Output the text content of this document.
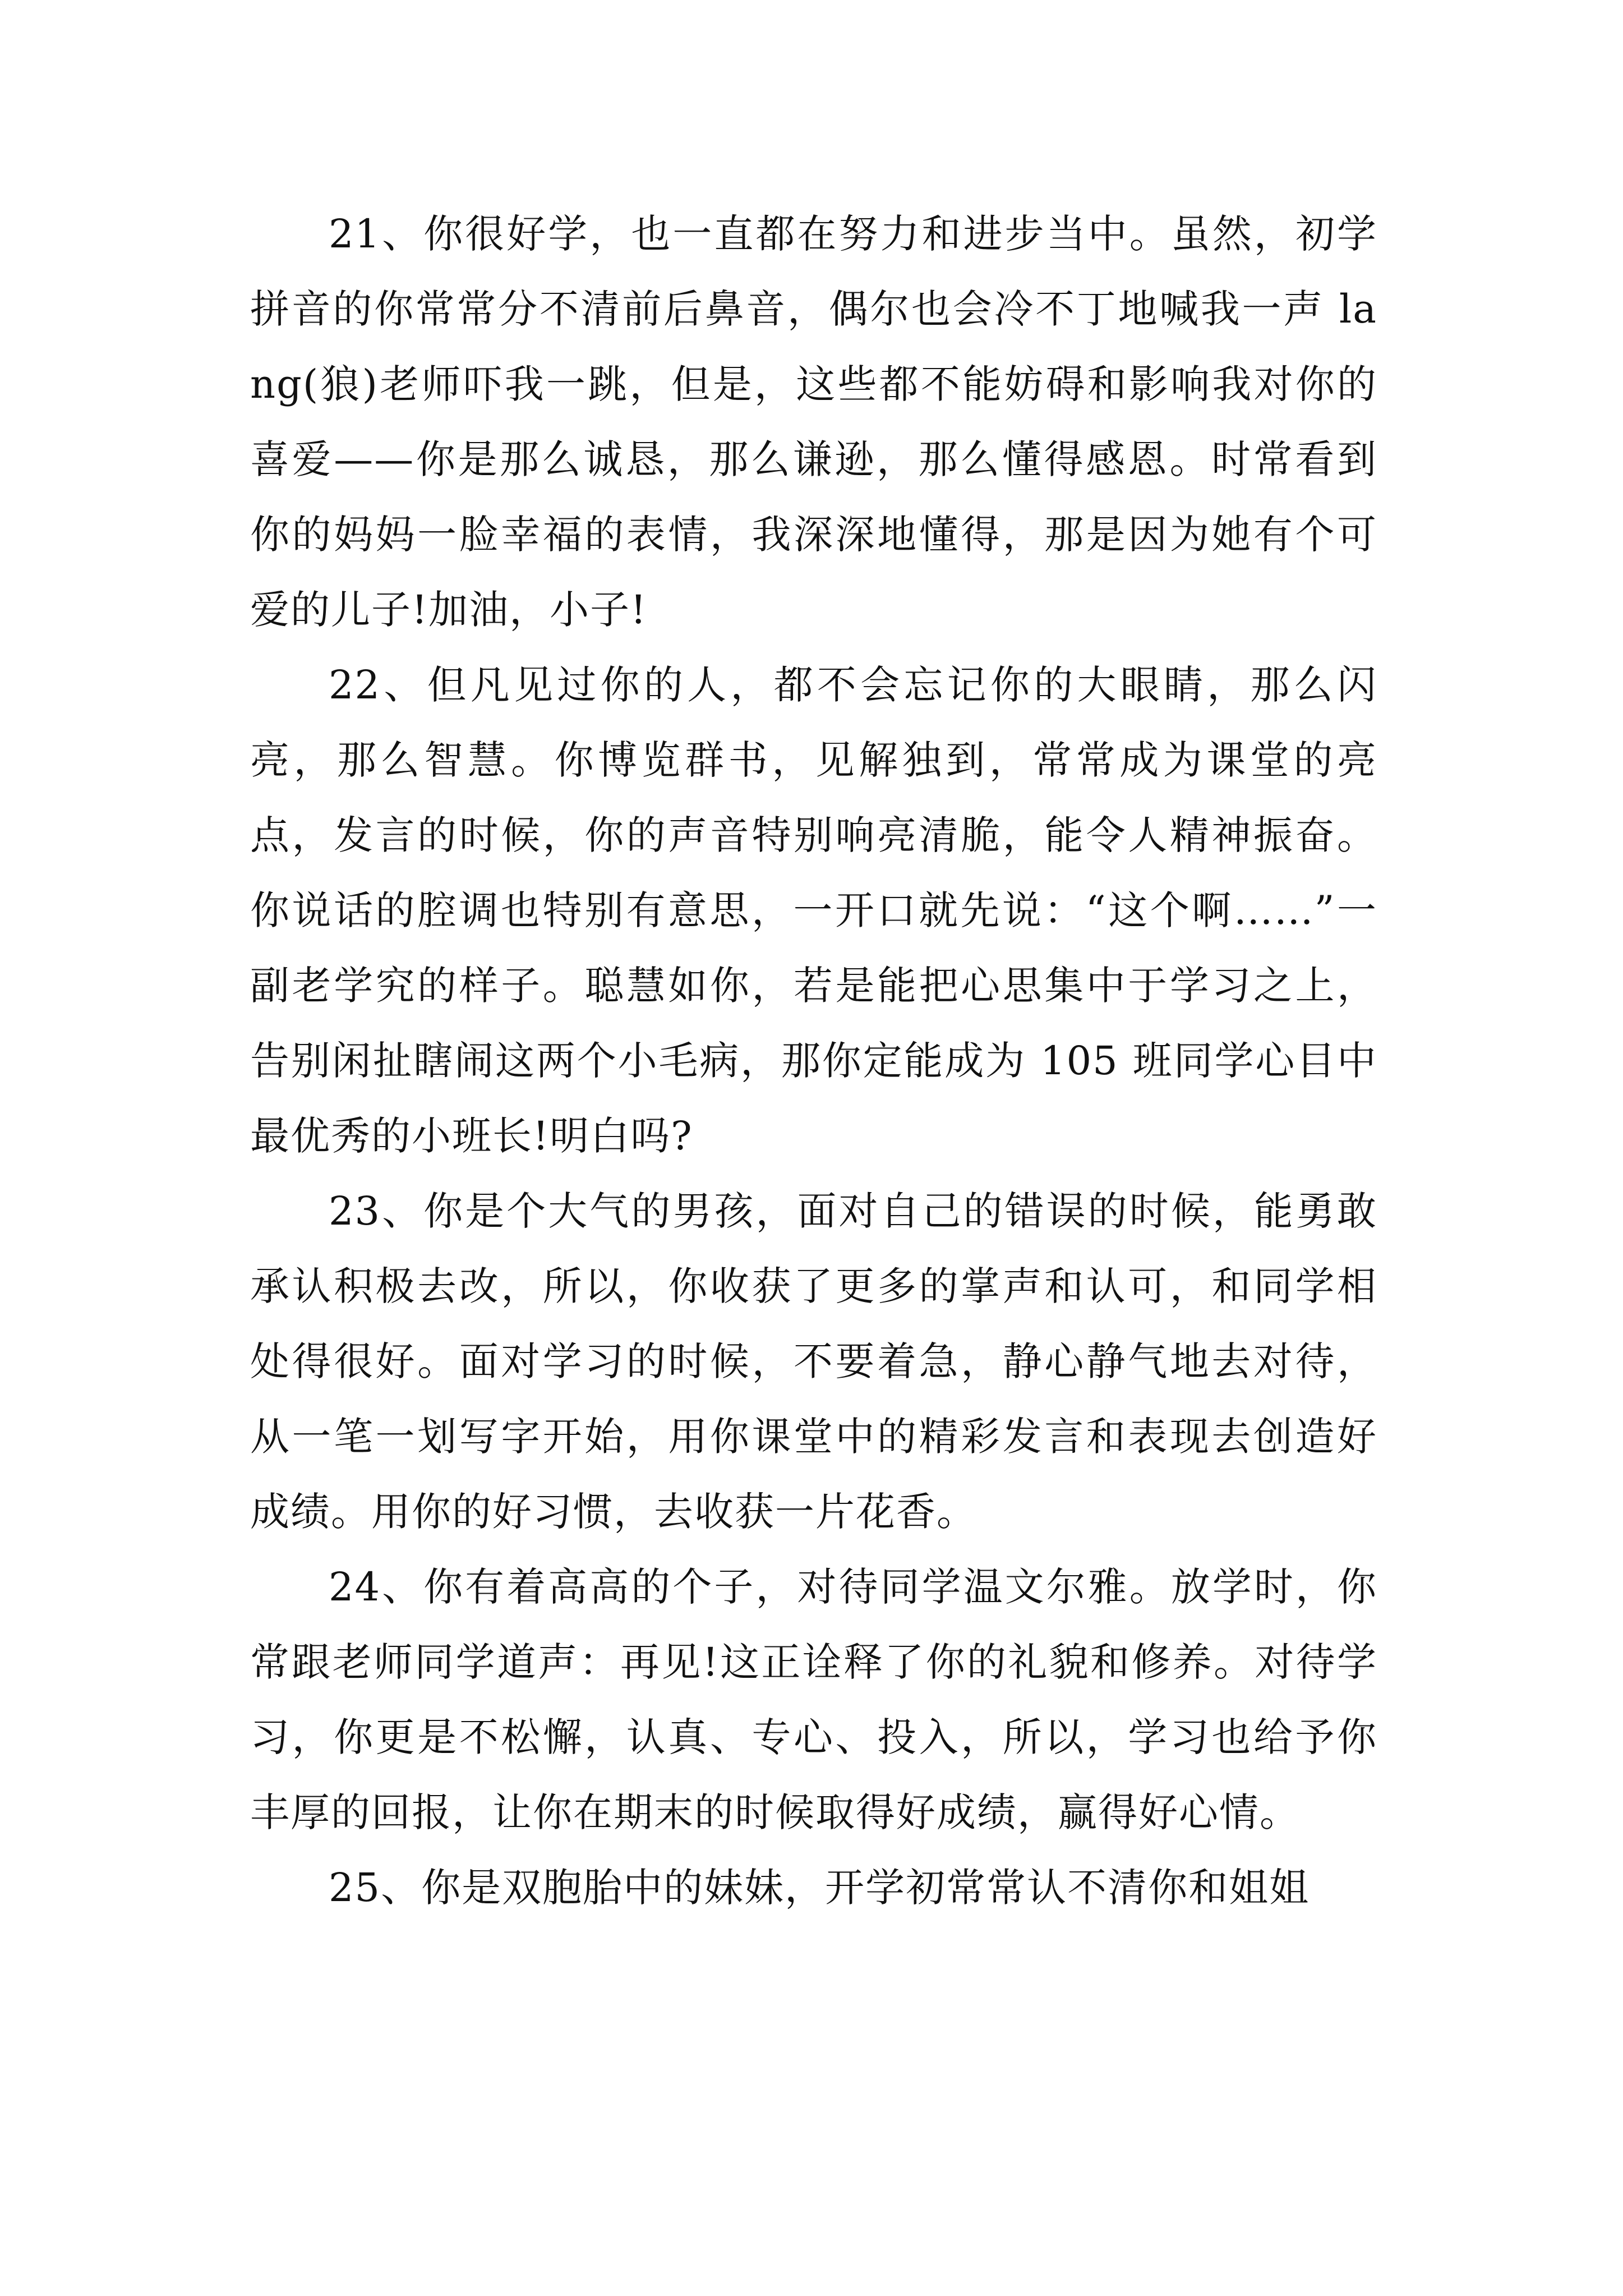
21、你很好学，也一直都在努力和进步当中。虽然，初学拼音的你常常分不清前后鼻音，偶尔也会冷不丁地喊我一声 lang(狼)老师吓我一跳，但是，这些都不能妨碍和影响我对你的喜爱——你是那么诚恳，那么谦逊，那么懂得感恩。时常看到你的妈妈一脸幸福的表情，我深深地懂得，那是因为她有个可爱的儿子!加油，小子!

22、但凡见过你的人，都不会忘记你的大眼睛，那么闪亮，那么智慧。你博览群书，见解独到，常常成为课堂的亮点，发言的时候，你的声音特别响亮清脆，能令人精神振奋。你说话的腔调也特别有意思，一开口就先说：“这个啊……”一副老学究的样子。聪慧如你，若是能把心思集中于学习之上，告别闲扯瞎闹这两个小毛病，那你定能成为 105 班同学心目中最优秀的小班长!明白吗?

23、你是个大气的男孩，面对自己的错误的时候，能勇敢承认积极去改，所以，你收获了更多的掌声和认可，和同学相处得很好。面对学习的时候，不要着急，静心静气地去对待，从一笔一划写字开始，用你课堂中的精彩发言和表现去创造好成绩。用你的好习惯，去收获一片花香。

24、你有着高高的个子，对待同学温文尔雅。放学时，你常跟老师同学道声：再见!这正诠释了你的礼貌和修养。对待学习，你更是不松懈，认真、专心、投入，所以，学习也给予你丰厚的回报，让你在期末的时候取得好成绩，赢得好心情。

25、你是双胞胎中的妹妹，开学初常常认不清你和姐姐
